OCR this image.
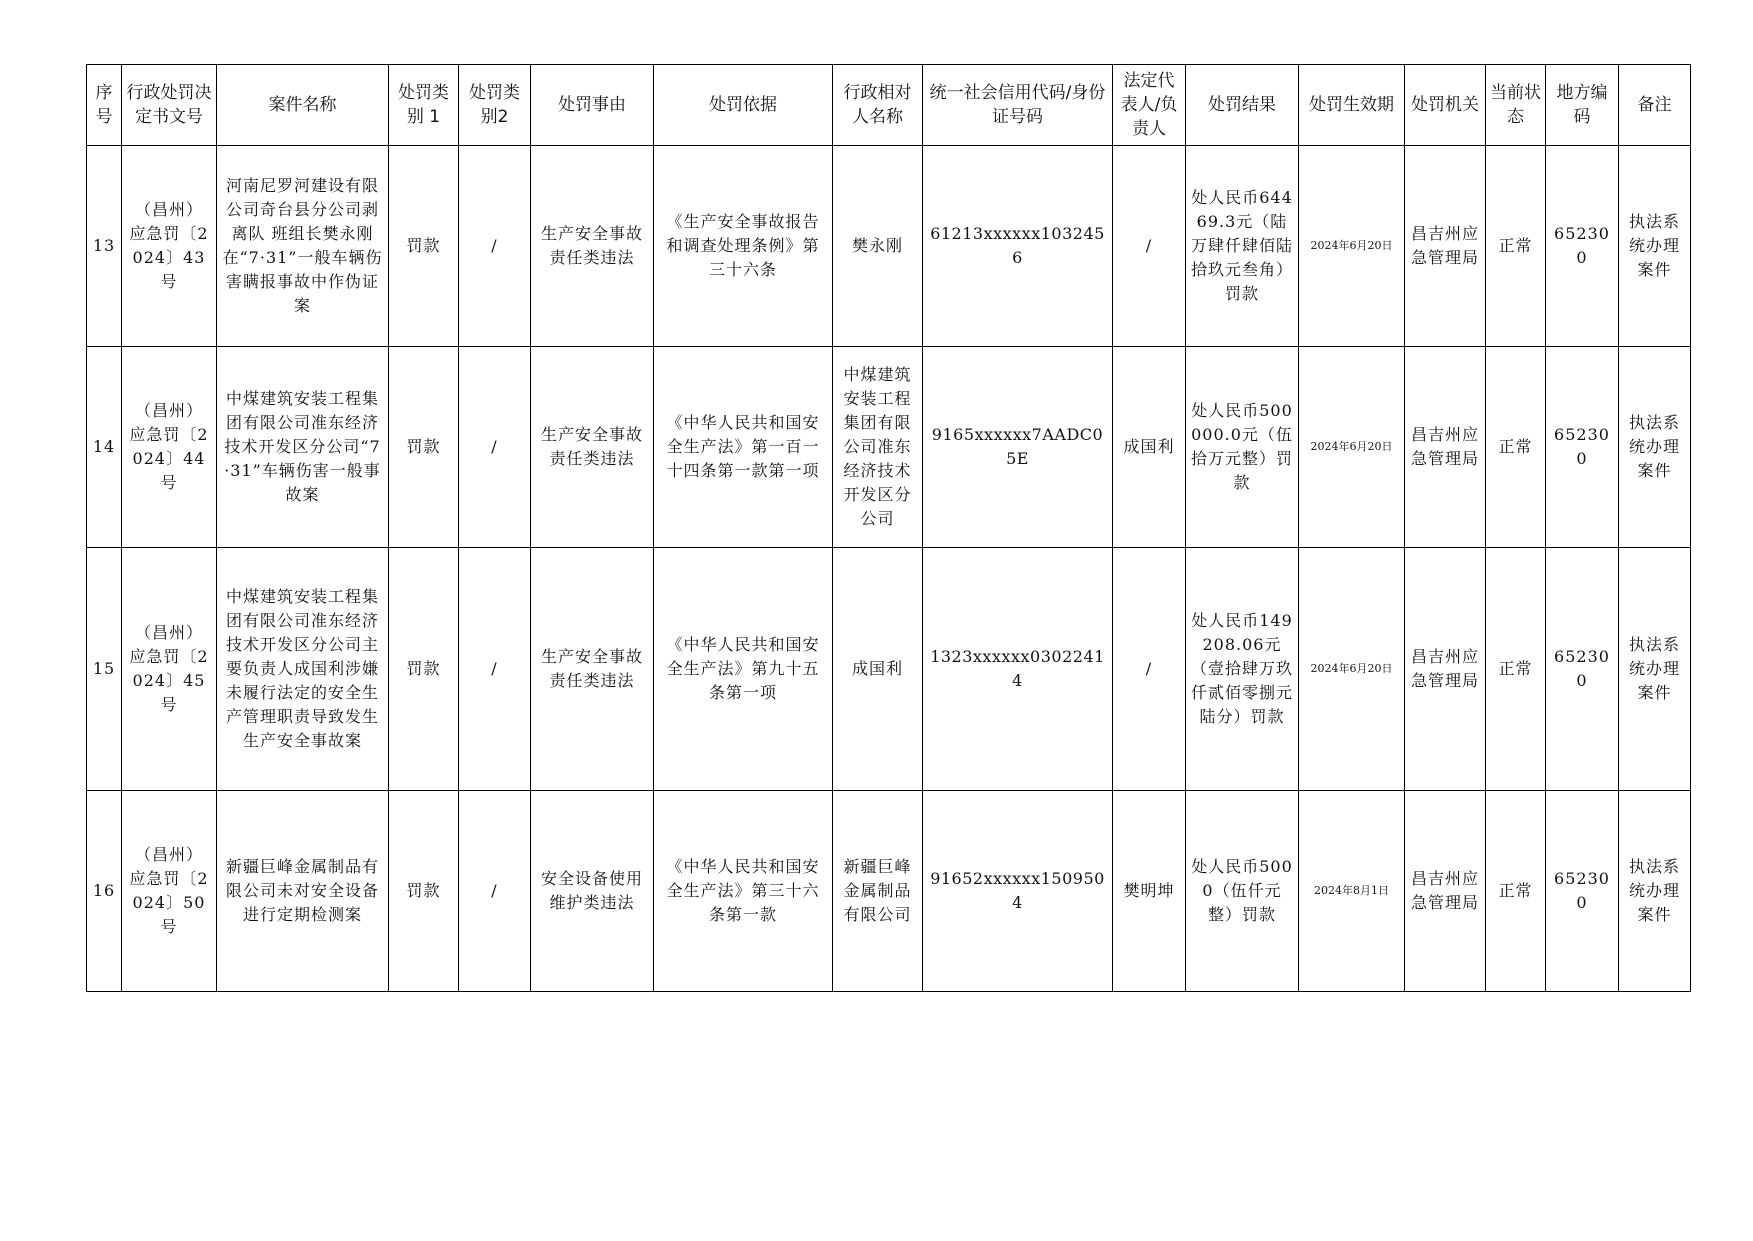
序号	行政处罚决定书文号	案件名称	处罚类别 1	处罚类别2	处罚事由	处罚依据	行政相对人名称	统一社会信用代码/身份证号码	法定代表人/负责人	处罚结果	处罚生效期	处罚机关	当前状态	地方编码	备注
13	（昌州）应急罚〔2024〕43号	河南尼罗河建设有限公司奇台县分公司剥离队 班组长樊永刚在“7·31”一般车辆伤害瞒报事故中作伪证案	罚款	/	生产安全事故责任类违法	《生产安全事故报告和调查处理条例》第三十六条	樊永刚	61213xxxxxx1032456	/	处人民币64469.3元（陆万肆仟肆佰陆拾玖元叁角）罚款	2024年6月20日	昌吉州应急管理局	正常	652300	执法系统办理案件
14	（昌州）应急罚〔2024〕44号	中煤建筑安装工程集团有限公司准东经济技术开发区分公司“7·31”车辆伤害一般事故案	罚款	/	生产安全事故责任类违法	《中华人民共和国安全生产法》第一百一十四条第一款第一项	中煤建筑安装工程集团有限公司准东经济技术开发区分公司	9165xxxxxx7AADC05E	成国利	处人民币500000.0元（伍拾万元整）罚款	2024年6月20日	昌吉州应急管理局	正常	652300	执法系统办理案件
15	（昌州）应急罚〔2024〕45号	中煤建筑安装工程集团有限公司准东经济技术开发区分公司主要负责人成国利涉嫌未履行法定的安全生产管理职责导致发生生产安全事故案	罚款	/	生产安全事故责任类违法	《中华人民共和国安全生产法》第九十五条第一项	成国利	1323xxxxxx03022414	/	处人民币149208.06元（壹拾肆万玖仟贰佰零捌元陆分）罚款	2024年6月20日	昌吉州应急管理局	正常	652300	执法系统办理案件
16	（昌州）应急罚〔2024〕50号	新疆巨峰金属制品有限公司未对安全设备进行定期检测案	罚款	/	安全设备使用维护类违法	《中华人民共和国安全生产法》第三十六条第一款	新疆巨峰金属制品有限公司	91652xxxxxx1509504	樊明坤	处人民币5000（伍仟元整）罚款	2024年8月1日	昌吉州应急管理局	正常	652300	执法系统办理案件
